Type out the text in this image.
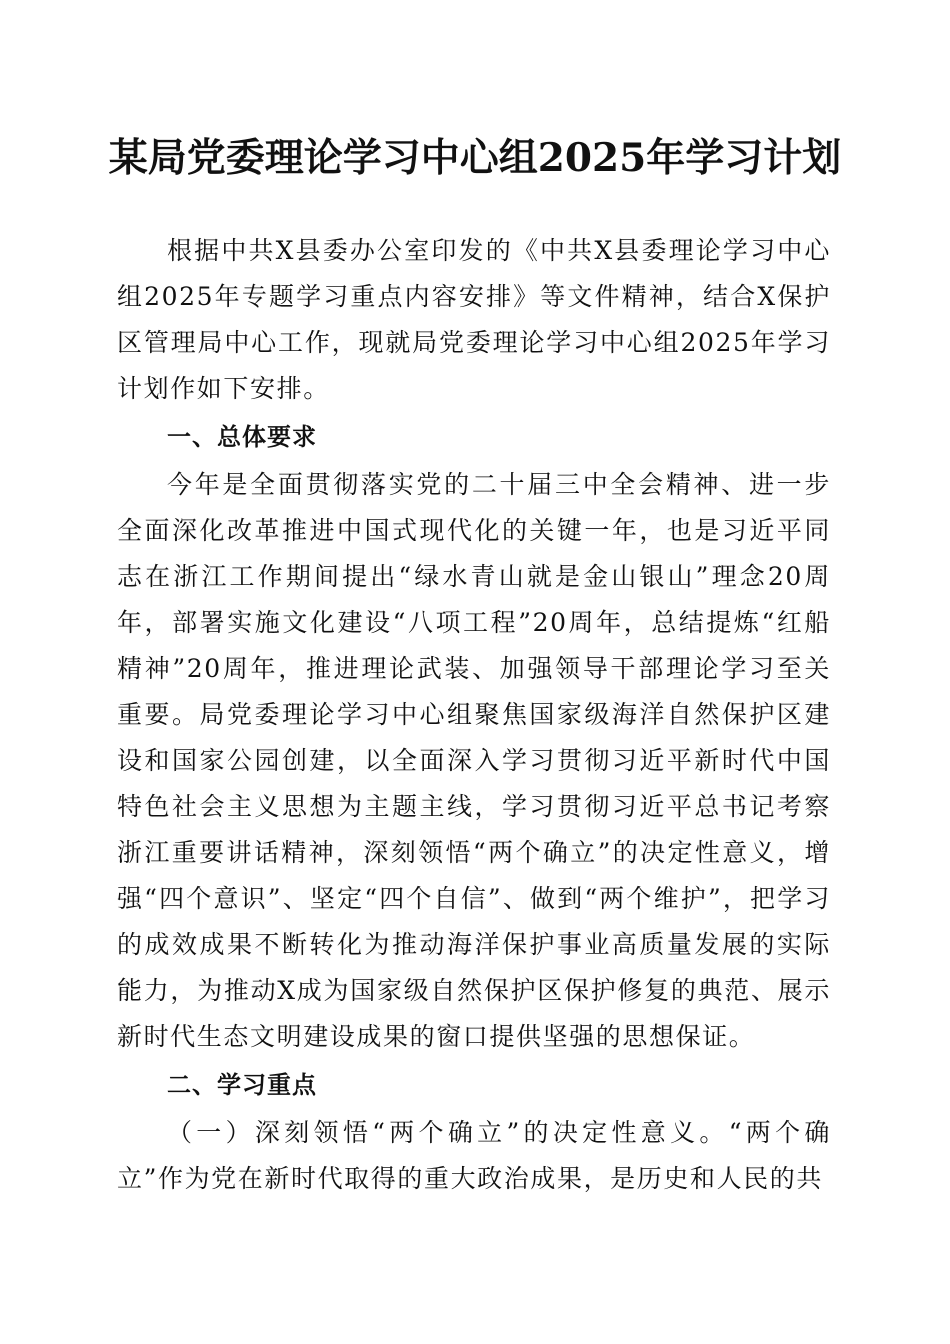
某局党委理论学习中心组2025年学习计划

根据中共X县委办公室印发的《中共X县委理论学习中心组2025年专题学习重点内容安排》等文件精神，结合X保护区管理局中心工作，现就局党委理论学习中心组2025年学习计划作如下安排。

一、总体要求

今年是全面贯彻落实党的二十届三中全会精神、进一步全面深化改革推进中国式现代化的关键一年，也是习近平同志在浙江工作期间提出“绿水青山就是金山银山”理念20周年，部署实施文化建设“八项工程”20周年，总结提炼“红船精神”20周年，推进理论武装、加强领导干部理论学习至关重要。局党委理论学习中心组聚焦国家级海洋自然保护区建设和国家公园创建，以全面深入学习贯彻习近平新时代中国特色社会主义思想为主题主线，学习贯彻习近平总书记考察浙江重要讲话精神，深刻领悟“两个确立”的决定性意义，增强“四个意识”、坚定“四个自信”、做到“两个维护”，把学习的成效成果不断转化为推动海洋保护事业高质量发展的实际能力，为推动X成为国家级自然保护区保护修复的典范、展示新时代生态文明建设成果的窗口提供坚强的思想保证。

二、学习重点

（一）深刻领悟“两个确立”的决定性意义。“两个确立”作为党在新时代取得的重大政治成果，是历史和人民的共
